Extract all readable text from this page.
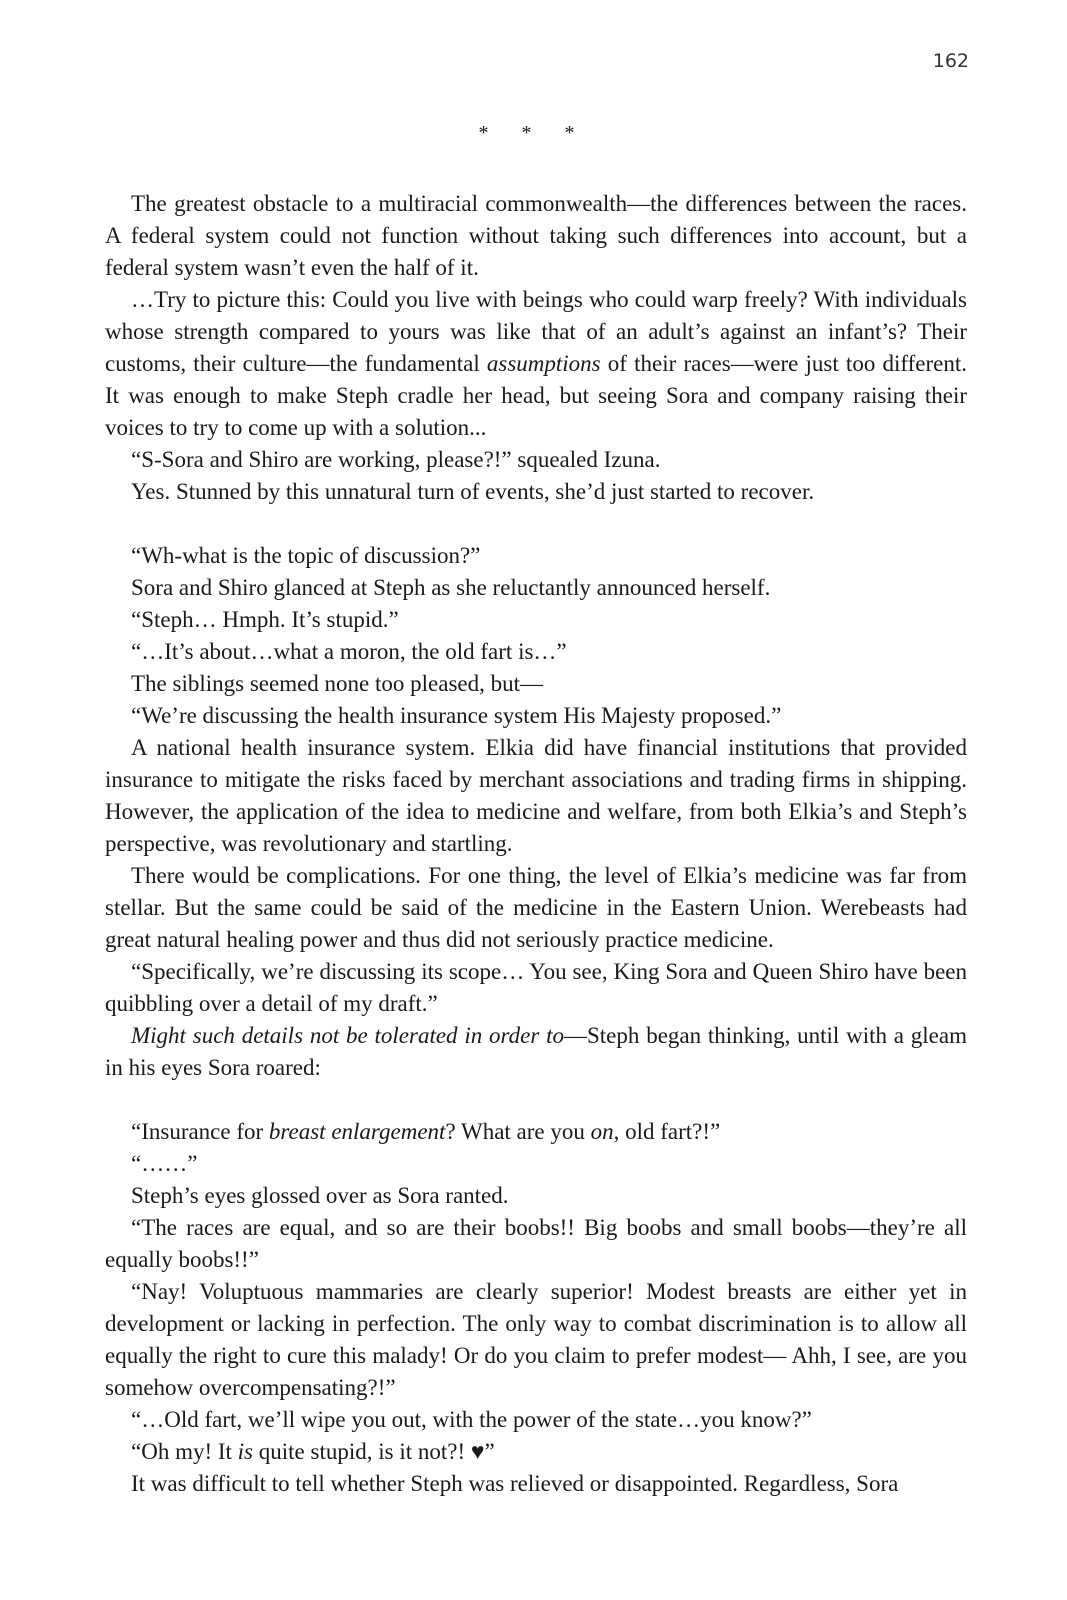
162
* * *

The greatest obstacle to a multiracial commonwealth—the differences between the races. A federal system could not function without taking such differences into account, but a federal system wasn’t even the half of it.

…Try to picture this: Could you live with beings who could warp freely? With individuals whose strength compared to yours was like that of an adult’s against an infant’s? Their customs, their culture—the fundamental assumptions of their races—were just too different. It was enough to make Steph cradle her head, but seeing Sora and company raising their voices to try to come up with a solution...

“S-Sora and Shiro are working, please?!” squealed Izuna.

Yes. Stunned by this unnatural turn of events, she’d just started to recover.

“Wh-what is the topic of discussion?”

Sora and Shiro glanced at Steph as she reluctantly announced herself.

“Steph… Hmph. It’s stupid.”

“…It’s about…what a moron, the old fart is…”

The siblings seemed none too pleased, but—

“We’re discussing the health insurance system His Majesty proposed.”

A national health insurance system. Elkia did have financial institutions that provided insurance to mitigate the risks faced by merchant associations and trading firms in shipping. However, the application of the idea to medicine and welfare, from both Elkia’s and Steph’s perspective, was revolutionary and startling.

There would be complications. For one thing, the level of Elkia’s medicine was far from stellar. But the same could be said of the medicine in the Eastern Union. Werebeasts had great natural healing power and thus did not seriously practice medicine.

“Specifically, we’re discussing its scope… You see, King Sora and Queen Shiro have been quibbling over a detail of my draft.”

Might such details not be tolerated in order to—Steph began thinking, until with a gleam in his eyes Sora roared:

“Insurance for breast enlargement? What are you on, old fart?!”

“……”

Steph’s eyes glossed over as Sora ranted.

“The races are equal, and so are their boobs!! Big boobs and small boobs—they’re all equally boobs!!”

“Nay! Voluptuous mammaries are clearly superior! Modest breasts are either yet in development or lacking in perfection. The only way to combat discrimination is to allow all equally the right to cure this malady! Or do you claim to prefer modest— Ahh, I see, are you somehow overcompensating?!”

“…Old fart, we’ll wipe you out, with the power of the state…you know?”

“Oh my! It is quite stupid, is it not?! ♥”

It was difficult to tell whether Steph was relieved or disappointed. Regardless, Sora
